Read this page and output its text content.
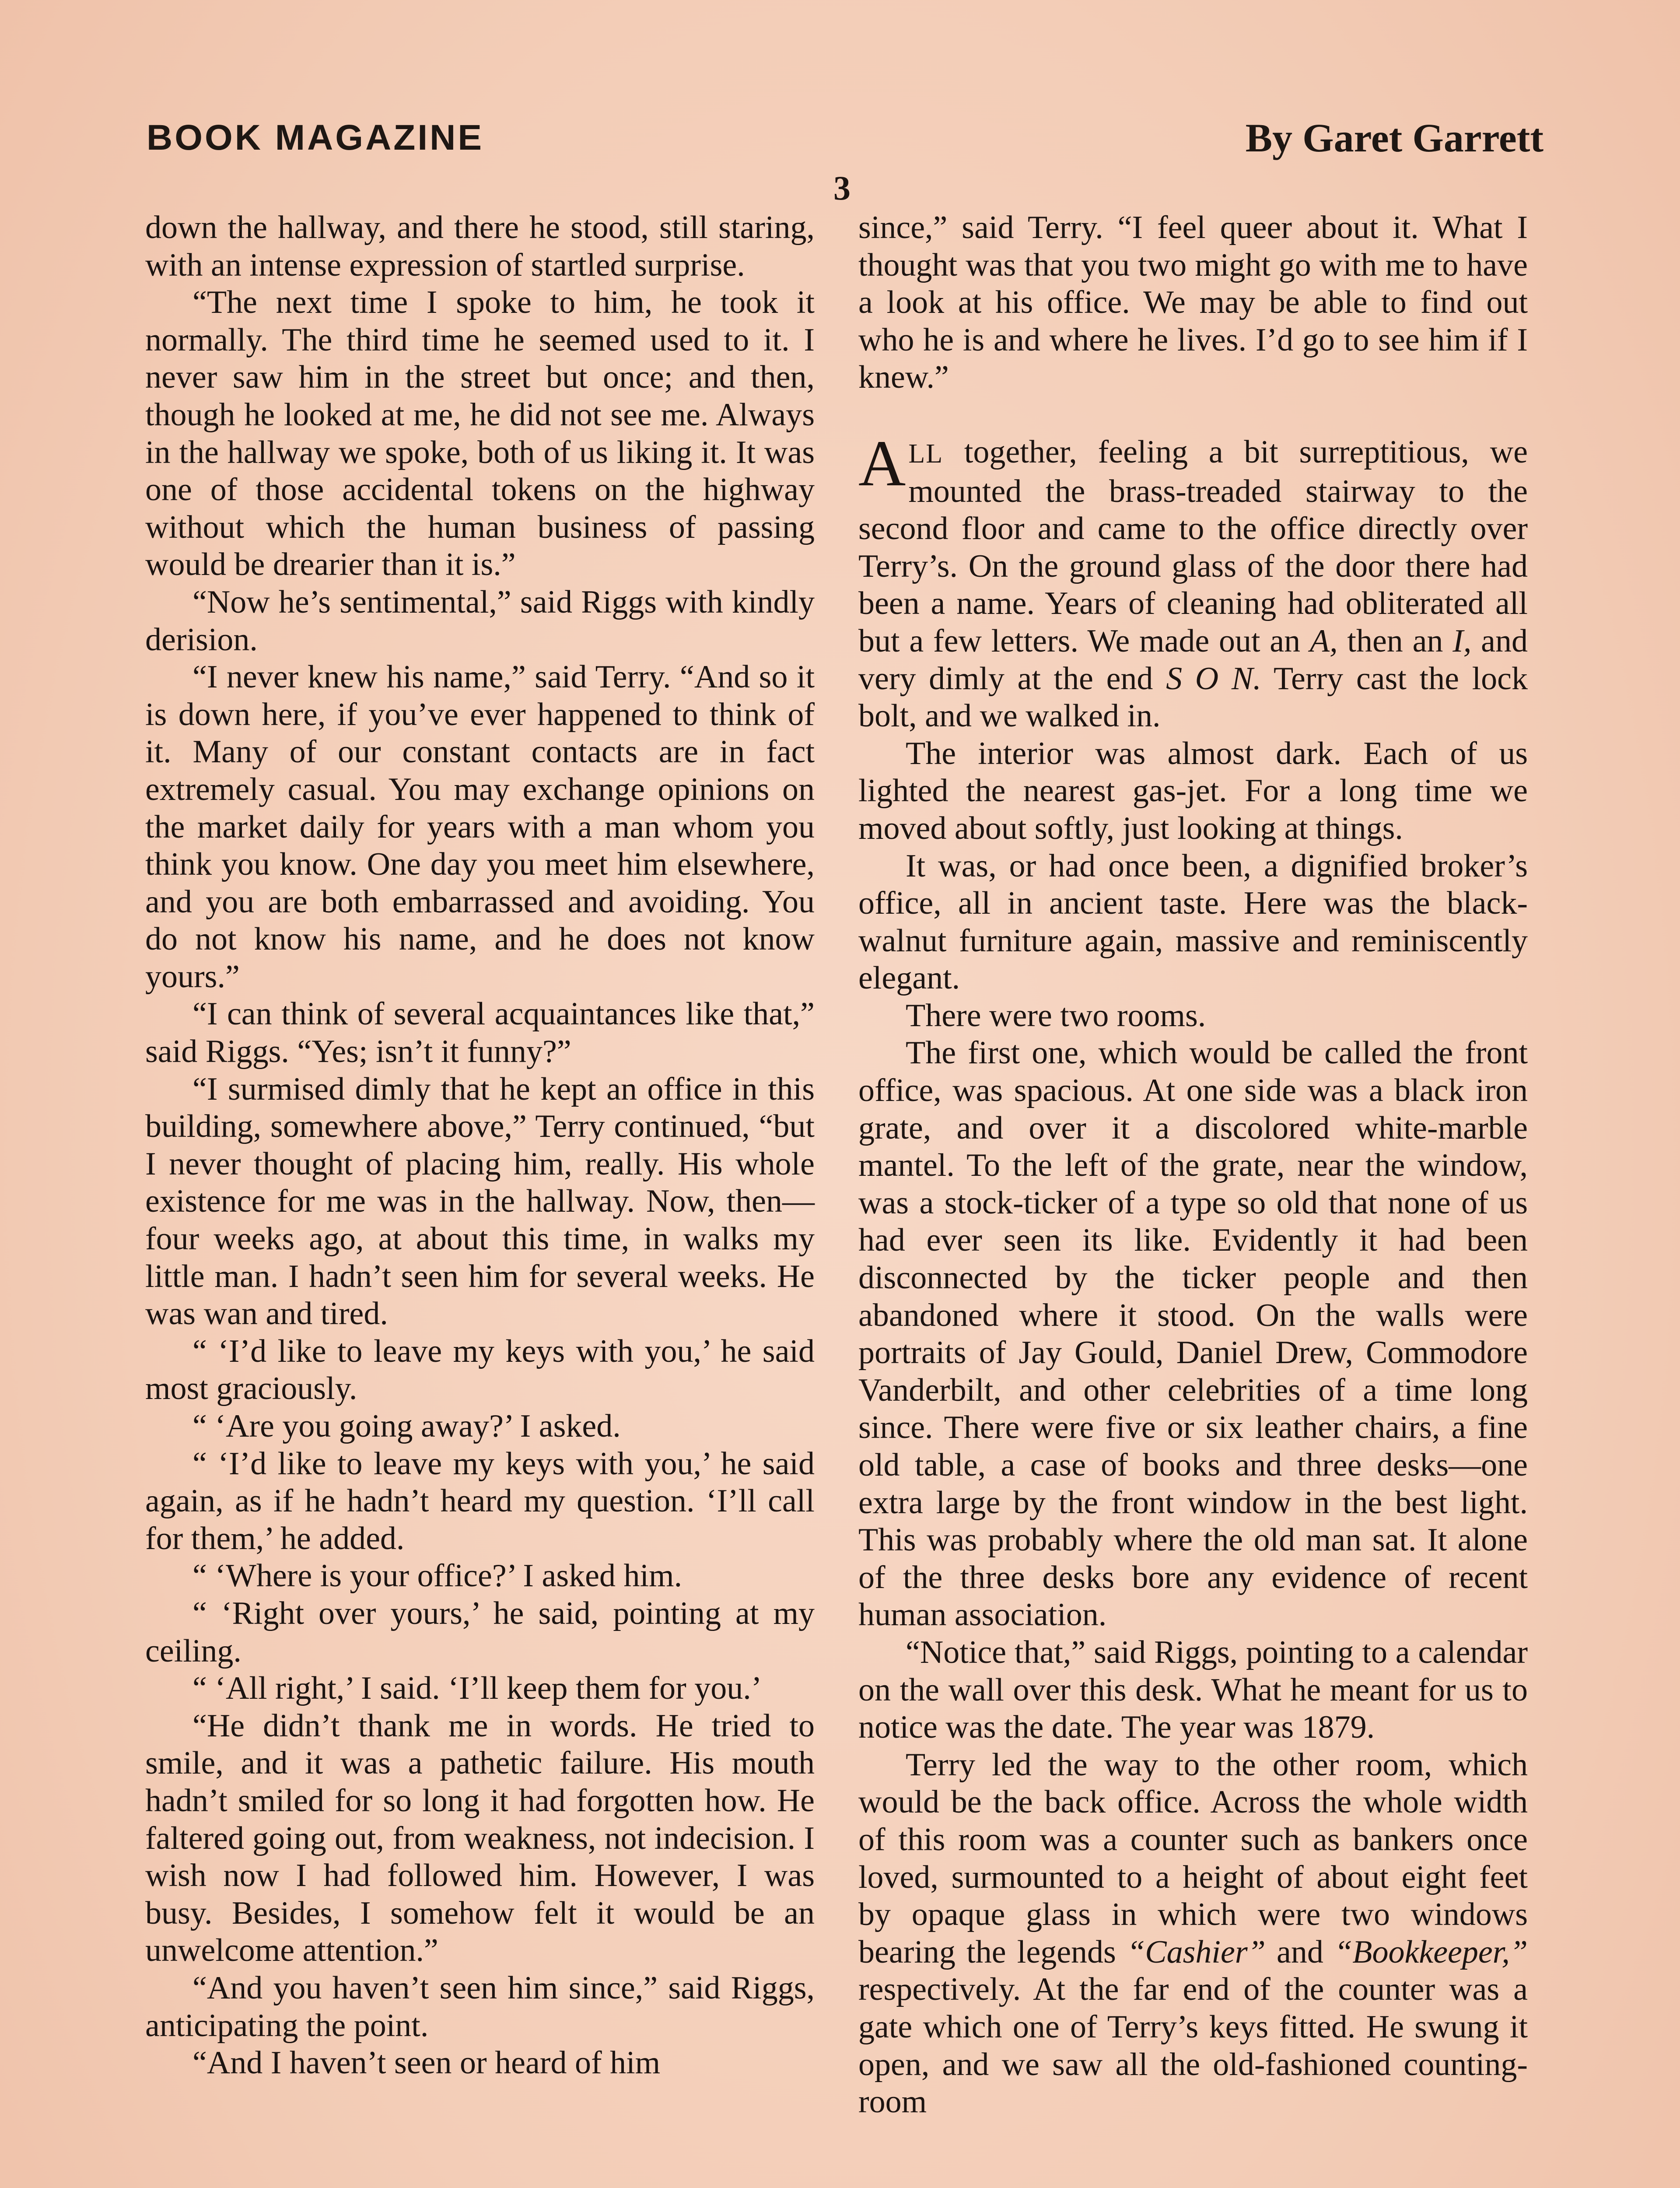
BOOK MAGAZINE	By Garet Garrett
3

down the hallway, and there he stood, still staring, with an intense expression of startled surprise.

“The next time I spoke to him, he took it normally. The third time he seemed used to it. I never saw him in the street but once; and then, though he looked at me, he did not see me. Always in the hallway we spoke, both of us liking it. It was one of those accidental tokens on the highway without which the human business of passing would be drearier than it is.”

“Now he’s sentimental,” said Riggs with kindly derision.

“I never knew his name,” said Terry. “And so it is down here, if you’ve ever happened to think of it. Many of our constant contacts are in fact extremely casual. You may exchange opinions on the market daily for years with a man whom you think you know. One day you meet him elsewhere, and you are both embarrassed and avoiding. You do not know his name, and he does not know yours.”

“I can think of several acquaintances like that,” said Riggs. “Yes; isn’t it funny?”

“I surmised dimly that he kept an office in this building, somewhere above,” Terry continued, “but I never thought of placing him, really. His whole existence for me was in the hallway. Now, then—four weeks ago, at about this time, in walks my little man. I hadn’t seen him for several weeks. He was wan and tired.

“ ‘I’d like to leave my keys with you,’ he said most graciously.

“ ‘Are you going away?’ I asked.

“ ‘I’d like to leave my keys with you,’ he said again, as if he hadn’t heard my question. ‘I’ll call for them,’ he added.

“ ‘Where is your office?’ I asked him.

“ ‘Right over yours,’ he said, pointing at my ceiling.

“ ‘All right,’ I said. ‘I’ll keep them for you.’

“He didn’t thank me in words. He tried to smile, and it was a pathetic failure. His mouth hadn’t smiled for so long it had forgotten how. He faltered going out, from weakness, not indecision. I wish now I had followed him. However, I was busy. Besides, I somehow felt it would be an unwelcome attention.”

“And you haven’t seen him since,” said Riggs, anticipating the point.

“And I haven’t seen or heard of him

since,” said Terry. “I feel queer about it. What I thought was that you two might go with me to have a look at his office. We may be able to find out who he is and where he lives. I’d go to see him if I knew.”

ALL together, feeling a bit surreptitious, we mounted the brass-treaded stairway to the second floor and came to the office directly over Terry’s. On the ground glass of the door there had been a name. Years of cleaning had obliterated all but a few letters. We made out an A, then an I, and very dimly at the end S O N. Terry cast the lock bolt, and we walked in.

The interior was almost dark. Each of us lighted the nearest gas-jet. For a long time we moved about softly, just looking at things.

It was, or had once been, a dignified broker’s office, all in ancient taste. Here was the black-walnut furniture again, massive and reminiscently elegant.

There were two rooms.

The first one, which would be called the front office, was spacious. At one side was a black iron grate, and over it a discolored white-marble mantel. To the left of the grate, near the window, was a stock-ticker of a type so old that none of us had ever seen its like. Evidently it had been disconnected by the ticker people and then abandoned where it stood. On the walls were portraits of Jay Gould, Daniel Drew, Commodore Vanderbilt, and other celebrities of a time long since. There were five or six leather chairs, a fine old table, a case of books and three desks—one extra large by the front window in the best light. This was probably where the old man sat. It alone of the three desks bore any evidence of recent human association.

“Notice that,” said Riggs, pointing to a calendar on the wall over this desk. What he meant for us to notice was the date. The year was 1879.

Terry led the way to the other room, which would be the back office. Across the whole width of this room was a counter such as bankers once loved, surmounted to a height of about eight feet by opaque glass in which were two windows bearing the legends “Cashier” and “Bookkeeper,” respectively. At the far end of the counter was a gate which one of Terry’s keys fitted. He swung it open, and we saw all the old-fashioned counting-room
